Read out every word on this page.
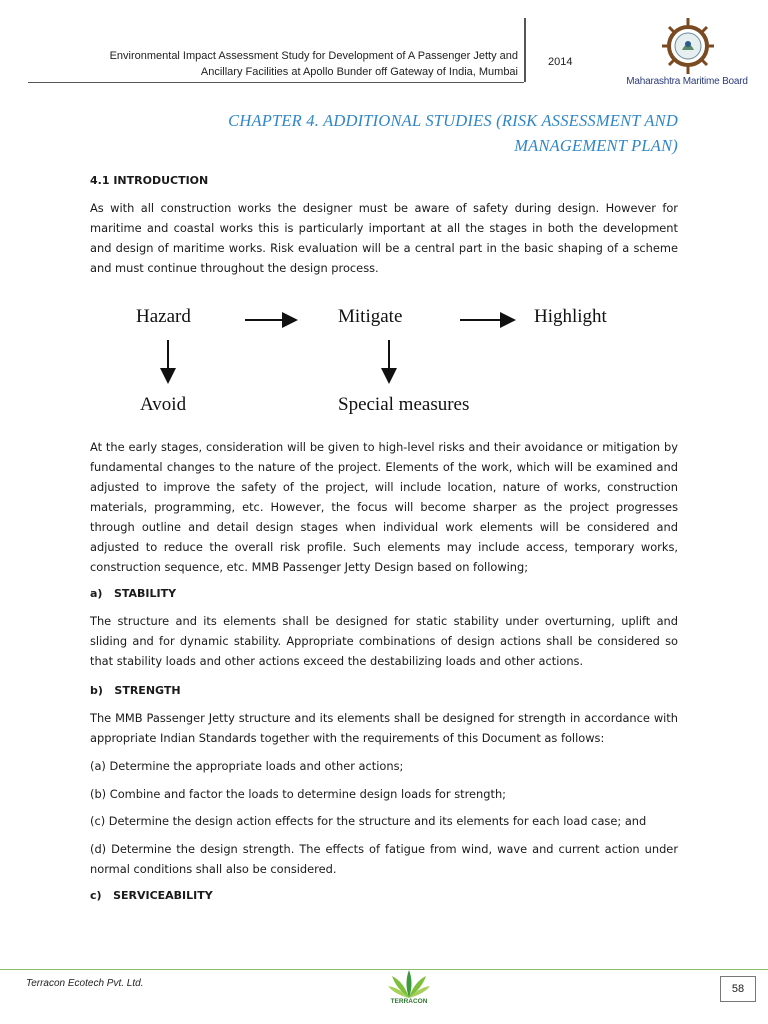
Environmental Impact Assessment Study for Development of A Passenger Jetty and
Ancillary Facilities at Apollo Bunder off Gateway of India, Mumbai
2014
Maharashtra Maritime Board
CHAPTER 4. ADDITIONAL STUDIES (RISK ASSESSMENT AND
MANAGEMENT PLAN)
4.1 INTRODUCTION
As with all construction works the designer must be aware of safety during design. However for maritime and coastal works this is particularly important at all the stages in both the development and design of maritime works. Risk evaluation will be a central part in the basic shaping of a scheme and must continue throughout the design process.
Hazard	Mitigate	Highlight
Avoid	Special measures
At the early stages, consideration will be given to high-level risks and their avoidance or mitigation by fundamental changes to the nature of the project. Elements of the work, which will be examined and adjusted to improve the safety of the project, will include location, nature of works, construction materials, programming, etc. However, the focus will become sharper as the project progresses through outline and detail design stages when individual work elements will be considered and adjusted to reduce the overall risk profile. Such elements may include access, temporary works, construction sequence, etc. MMB Passenger Jetty Design based on following;
a) STABILITY
The structure and its elements shall be designed for static stability under overturning, uplift and sliding and for dynamic stability. Appropriate combinations of design actions shall be considered so that stability loads and other actions exceed the destabilizing loads and other actions.
b) STRENGTH
The MMB Passenger Jetty structure and its elements shall be designed for strength in accordance with appropriate Indian Standards together with the requirements of this Document as follows:
(a) Determine the appropriate loads and other actions;
(b) Combine and factor the loads to determine design loads for strength;
(c) Determine the design action effects for the structure and its elements for each load case; and
(d) Determine the design strength. The effects of fatigue from wind, wave and current action under normal conditions shall also be considered.
c) SERVICEABILITY
Terracon Ecotech Pvt. Ltd.
TERRACON
58
